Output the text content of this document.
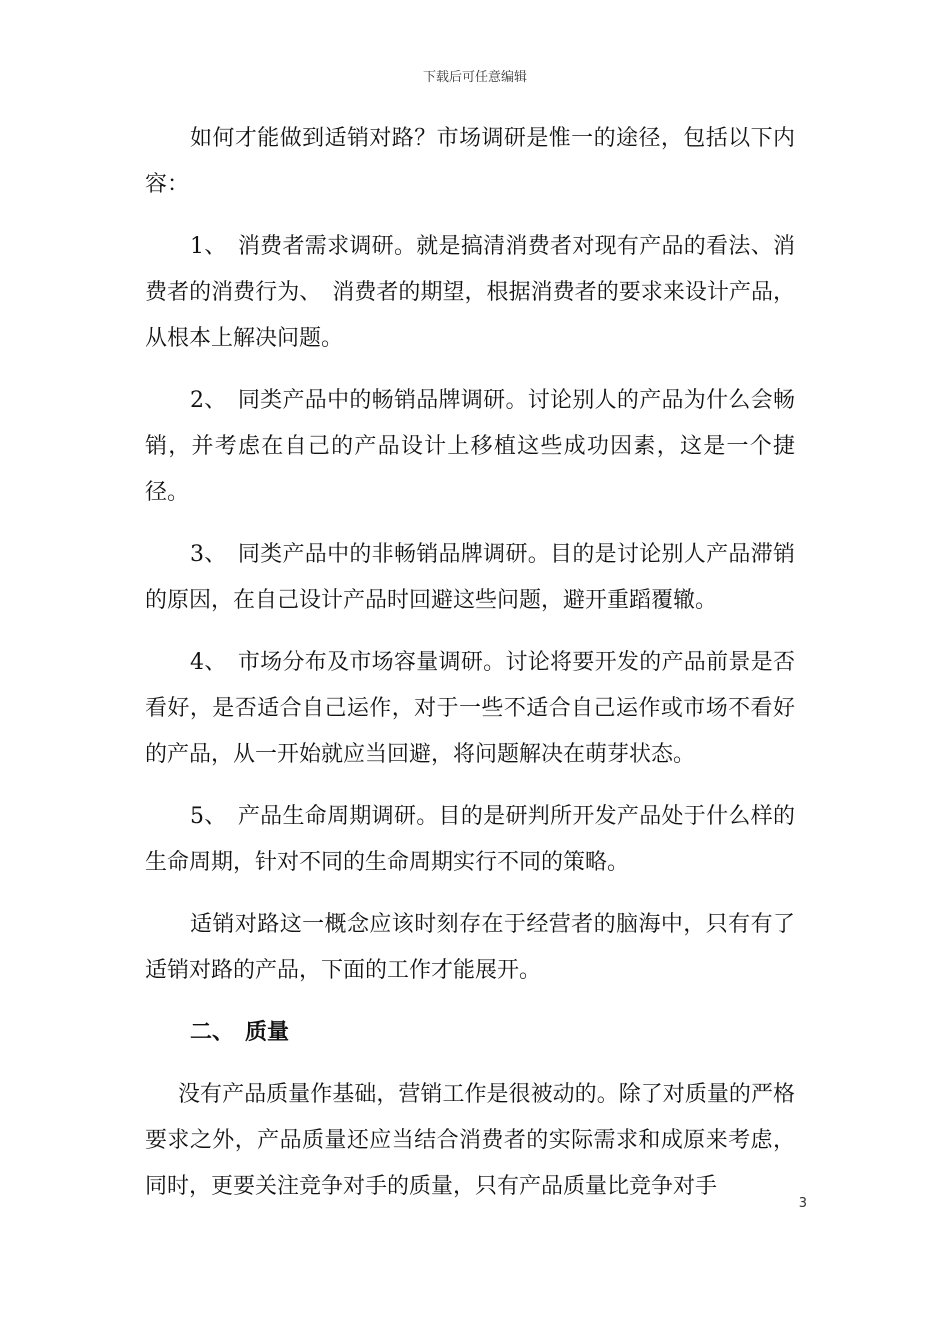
下载后可任意编辑

如何才能做到适销对路？市场调研是惟一的途径，包括以下内容：

1、　消费者需求调研。就是搞清消费者对现有产品的看法、消费者的消费行为、　消费者的期望，根据消费者的要求来设计产品，从根本上解决问题。

2、　同类产品中的畅销品牌调研。讨论别人的产品为什么会畅销，并考虑在自己的产品设计上移植这些成功因素，这是一个捷径。

3、　同类产品中的非畅销品牌调研。目的是讨论别人产品滞销的原因，在自己设计产品时回避这些问题，避开重蹈覆辙。

4、　市场分布及市场容量调研。讨论将要开发的产品前景是否看好，是否适合自己运作，对于一些不适合自己运作或市场不看好的产品，从一开始就应当回避，将问题解决在萌芽状态。

5、　产品生命周期调研。目的是研判所开发产品处于什么样的生命周期，针对不同的生命周期实行不同的策略。

适销对路这一概念应该时刻存在于经营者的脑海中，只有有了适销对路的产品，下面的工作才能展开。

二、　质量

没有产品质量作基础，营销工作是很被动的。除了对质量的严格要求之外，产品质量还应当结合消费者的实际需求和成原来考虑，同时，更要关注竞争对手的质量，只有产品质量比竞争对手

3
